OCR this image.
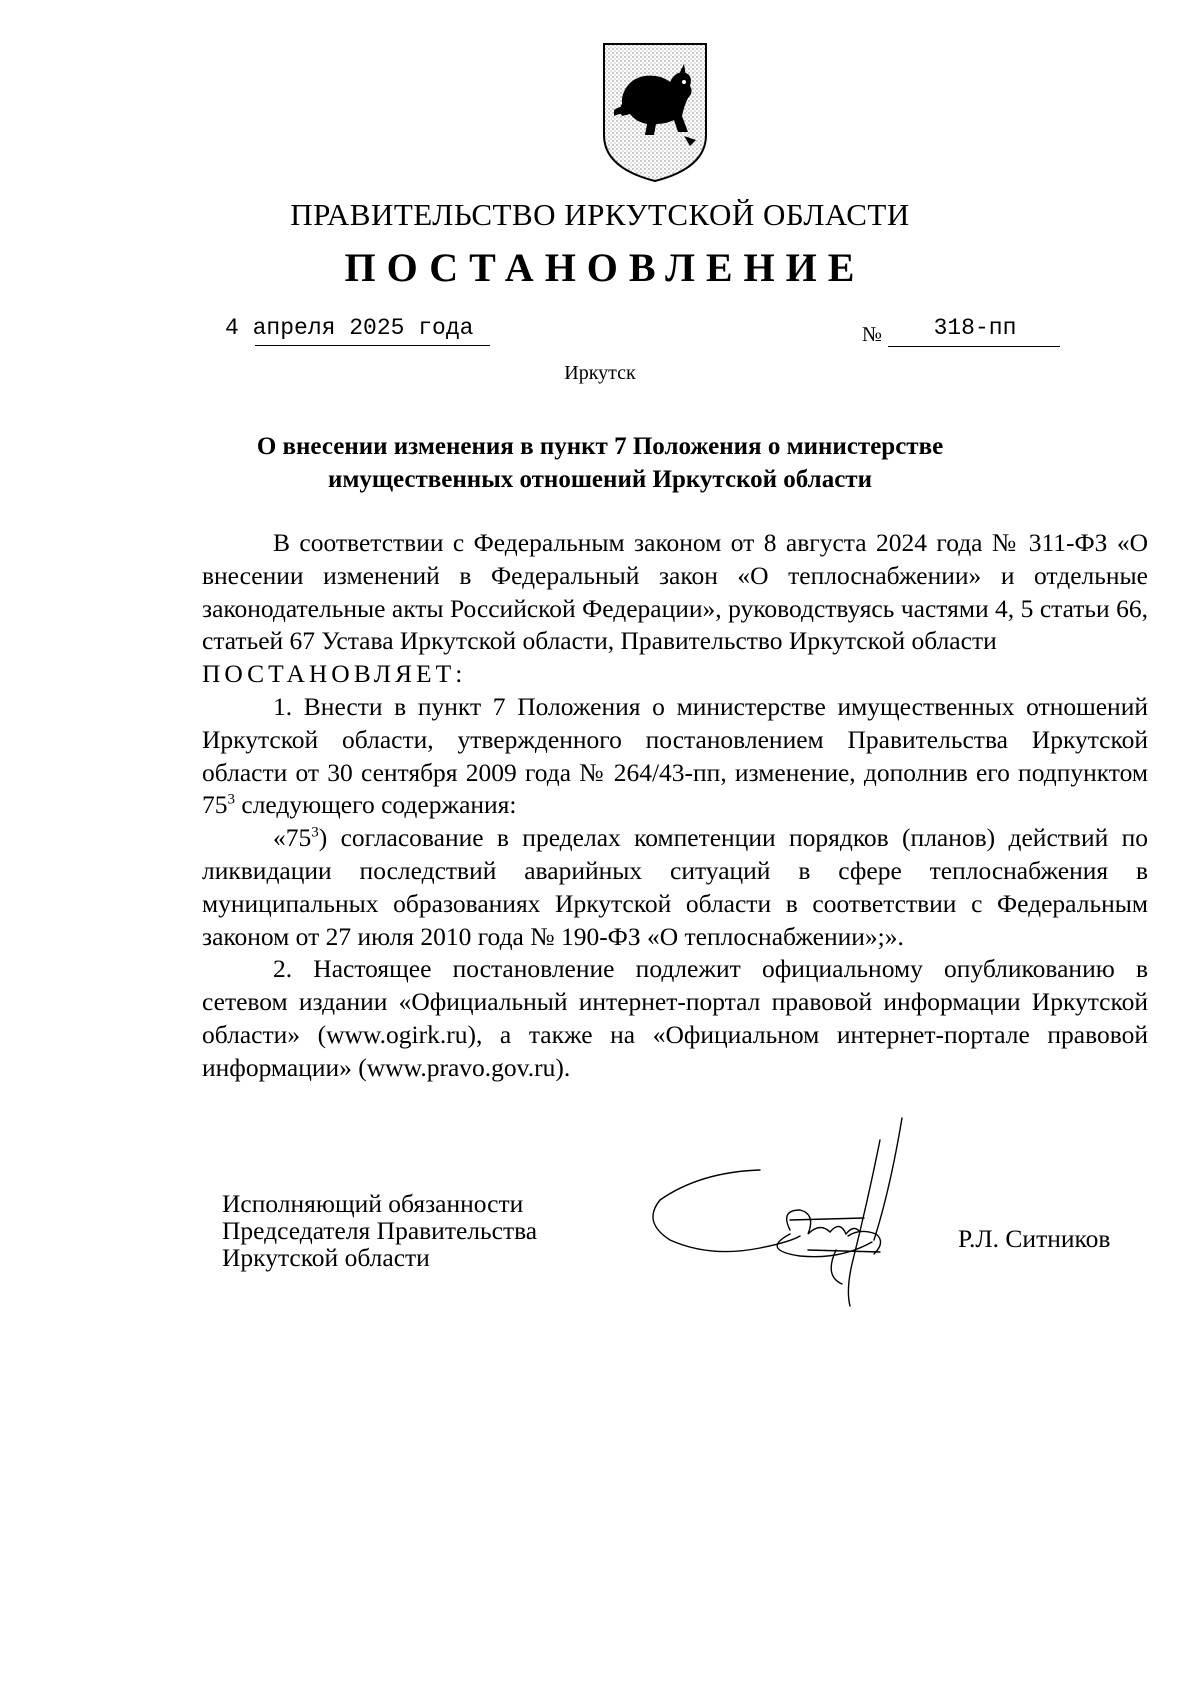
ПРАВИТЕЛЬСТВО ИРКУТСКОЙ ОБЛАСТИ
ПОСТАНОВЛЕНИЕ
4 апреля 2025 года	№	318-пп
Иркутск
О внесении изменения в пункт 7 Положения о министерстве
имущественных отношений Иркутской области

В соответствии с Федеральным законом от 8 августа 2024 года № 311-ФЗ «О внесении изменений в Федеральный закон «О теплоснабжении» и отдельные законодательные акты Российской Федерации», руководствуясь частями 4, 5 статьи 66, статьей 67 Устава Иркутской области, Правительство Иркутской области

ПОСТАНОВЛЯЕТ:

1. Внести в пункт 7 Положения о министерстве имущественных отношений Иркутской области, утвержденного постановлением Правительства Иркутской области от 30 сентября 2009 года № 264/43-пп, изменение, дополнив его подпунктом $75^3$ следующего содержания:

«$75^3$) согласование в пределах компетенции порядков (планов) действий по ликвидации последствий аварийных ситуаций в сфере теплоснабжения в муниципальных образованиях Иркутской области в соответствии с Федеральным законом от 27 июля 2010 года № 190-ФЗ «О теплоснабжении»;».

2. Настоящее постановление подлежит официальному опубликованию в сетевом издании «Официальный интернет-портал правовой информации Иркутской области» (www.ogirk.ru), а также на «Официальном интернет-портале правовой информации» (www.pravo.gov.ru).

Исполняющий обязанности
Председателя Правительства
Иркутской области
Р.Л. Ситников
